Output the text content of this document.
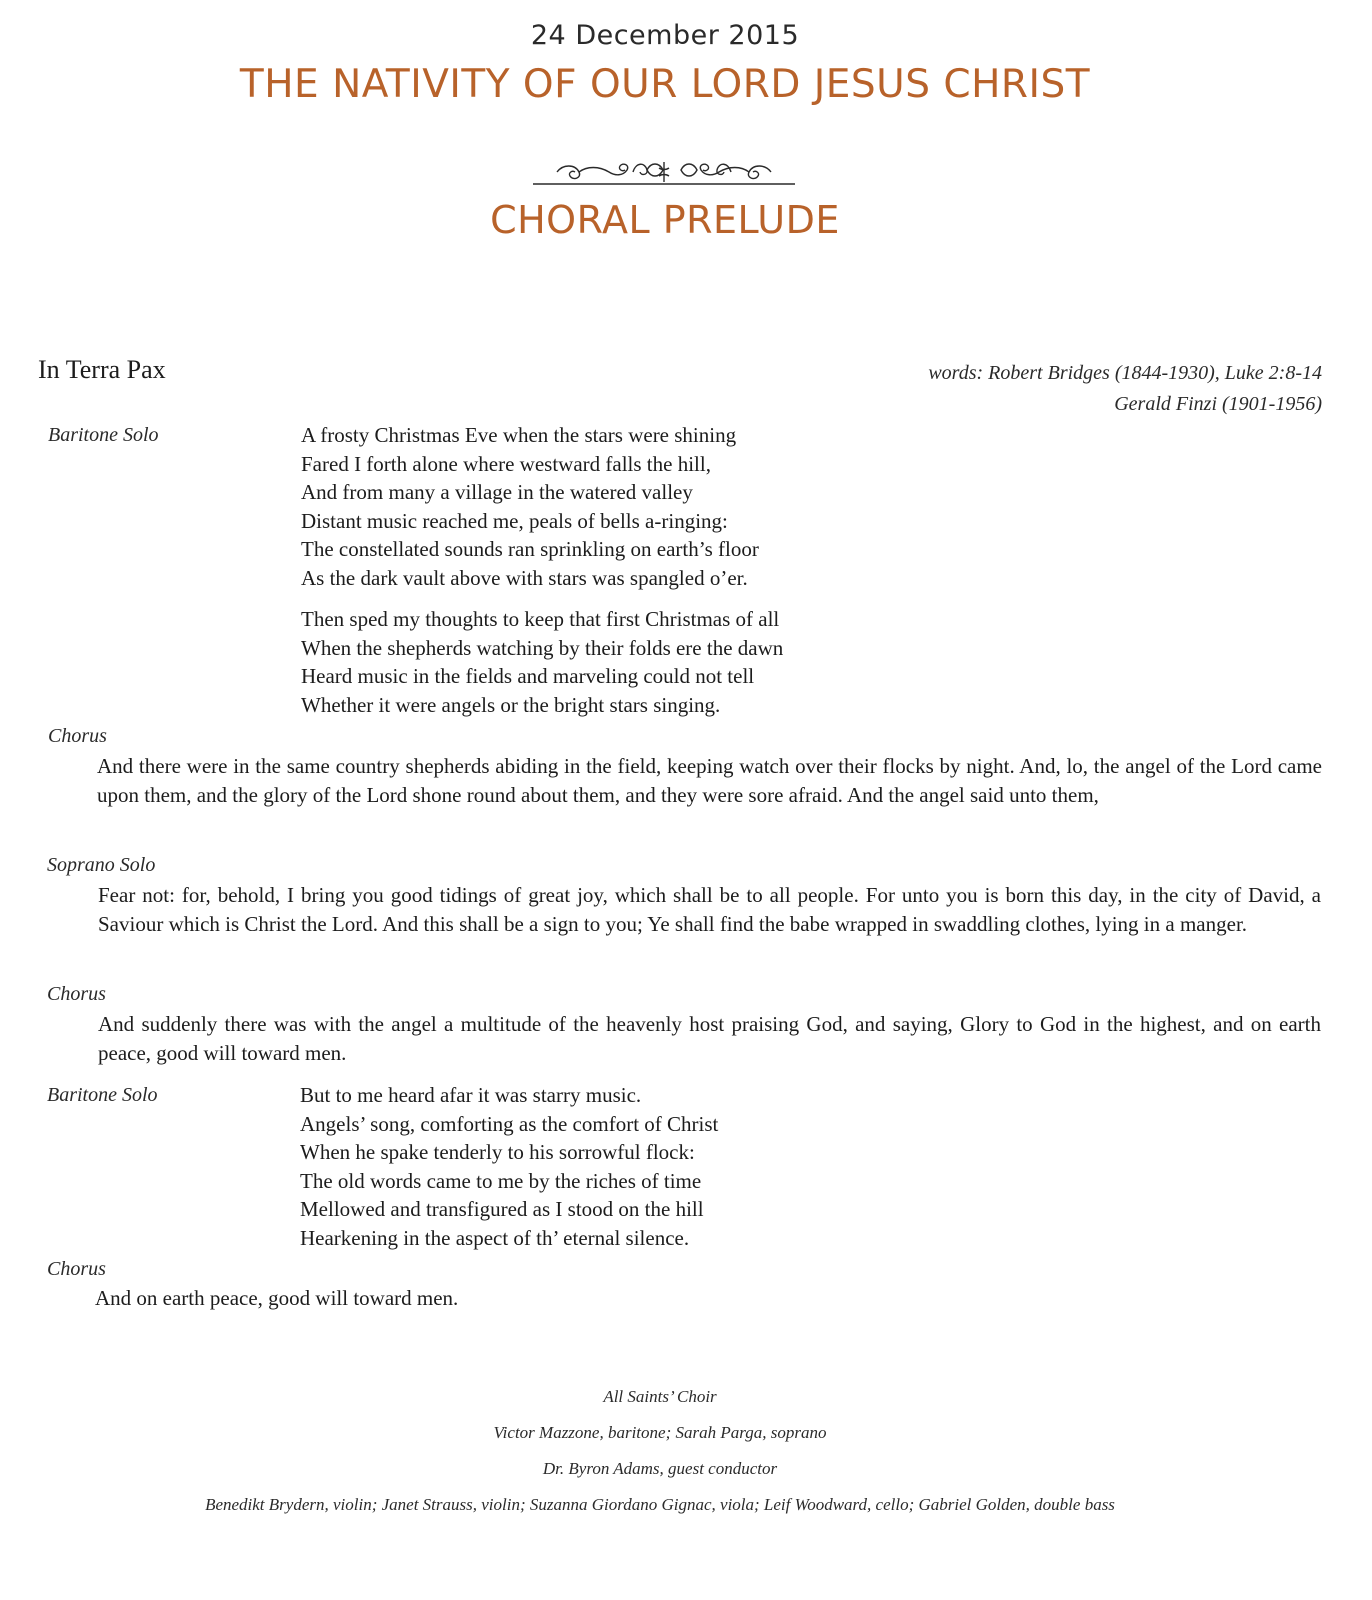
24 December 2015
THE NATIVITY OF OUR LORD JESUS CHRIST
CHORAL PRELUDE
In Terra Pax	words: Robert Bridges (1844-1930), Luke 2:8-14
Gerald Finzi (1901-1956)
Baritone Solo	A frosty Christmas Eve when the stars were shining
Fared I forth alone where westward falls the hill,
And from many a village in the watered valley
Distant music reached me, peals of bells a-ringing:
The constellated sounds ran sprinkling on earth’s floor
As the dark vault above with stars was spangled o’er.
Then sped my thoughts to keep that first Christmas of all
When the shepherds watching by their folds ere the dawn
Heard music in the fields and marveling could not tell
Whether it were angels or the bright stars singing.
Chorus
And there were in the same country shepherds abiding in the field, keeping watch over their flocks by night. And, lo, the angel of the Lord came upon them, and the glory of the Lord shone round about them, and they were sore afraid. And the angel said unto them,
Soprano Solo
Fear not: for, behold, I bring you good tidings of great joy, which shall be to all people. For unto you is born this day, in the city of David, a Saviour which is Christ the Lord. And this shall be a sign to you; Ye shall find the babe wrapped in swaddling clothes, lying in a manger.
Chorus
And suddenly there was with the angel a multitude of the heavenly host praising God, and saying, Glory to God in the highest, and on earth peace, good will toward men.
Baritone Solo	But to me heard afar it was starry music.
Angels’ song, comforting as the comfort of Christ
When he spake tenderly to his sorrowful flock:
The old words came to me by the riches of time
Mellowed and transfigured as I stood on the hill
Hearkening in the aspect of th’ eternal silence.
Chorus
And on earth peace, good will toward men.
All Saints’ Choir
Victor Mazzone, baritone; Sarah Parga, soprano
Dr. Byron Adams, guest conductor
Benedikt Brydern, violin; Janet Strauss, violin; Suzanna Giordano Gignac, viola; Leif Woodward, cello; Gabriel Golden, double bass
